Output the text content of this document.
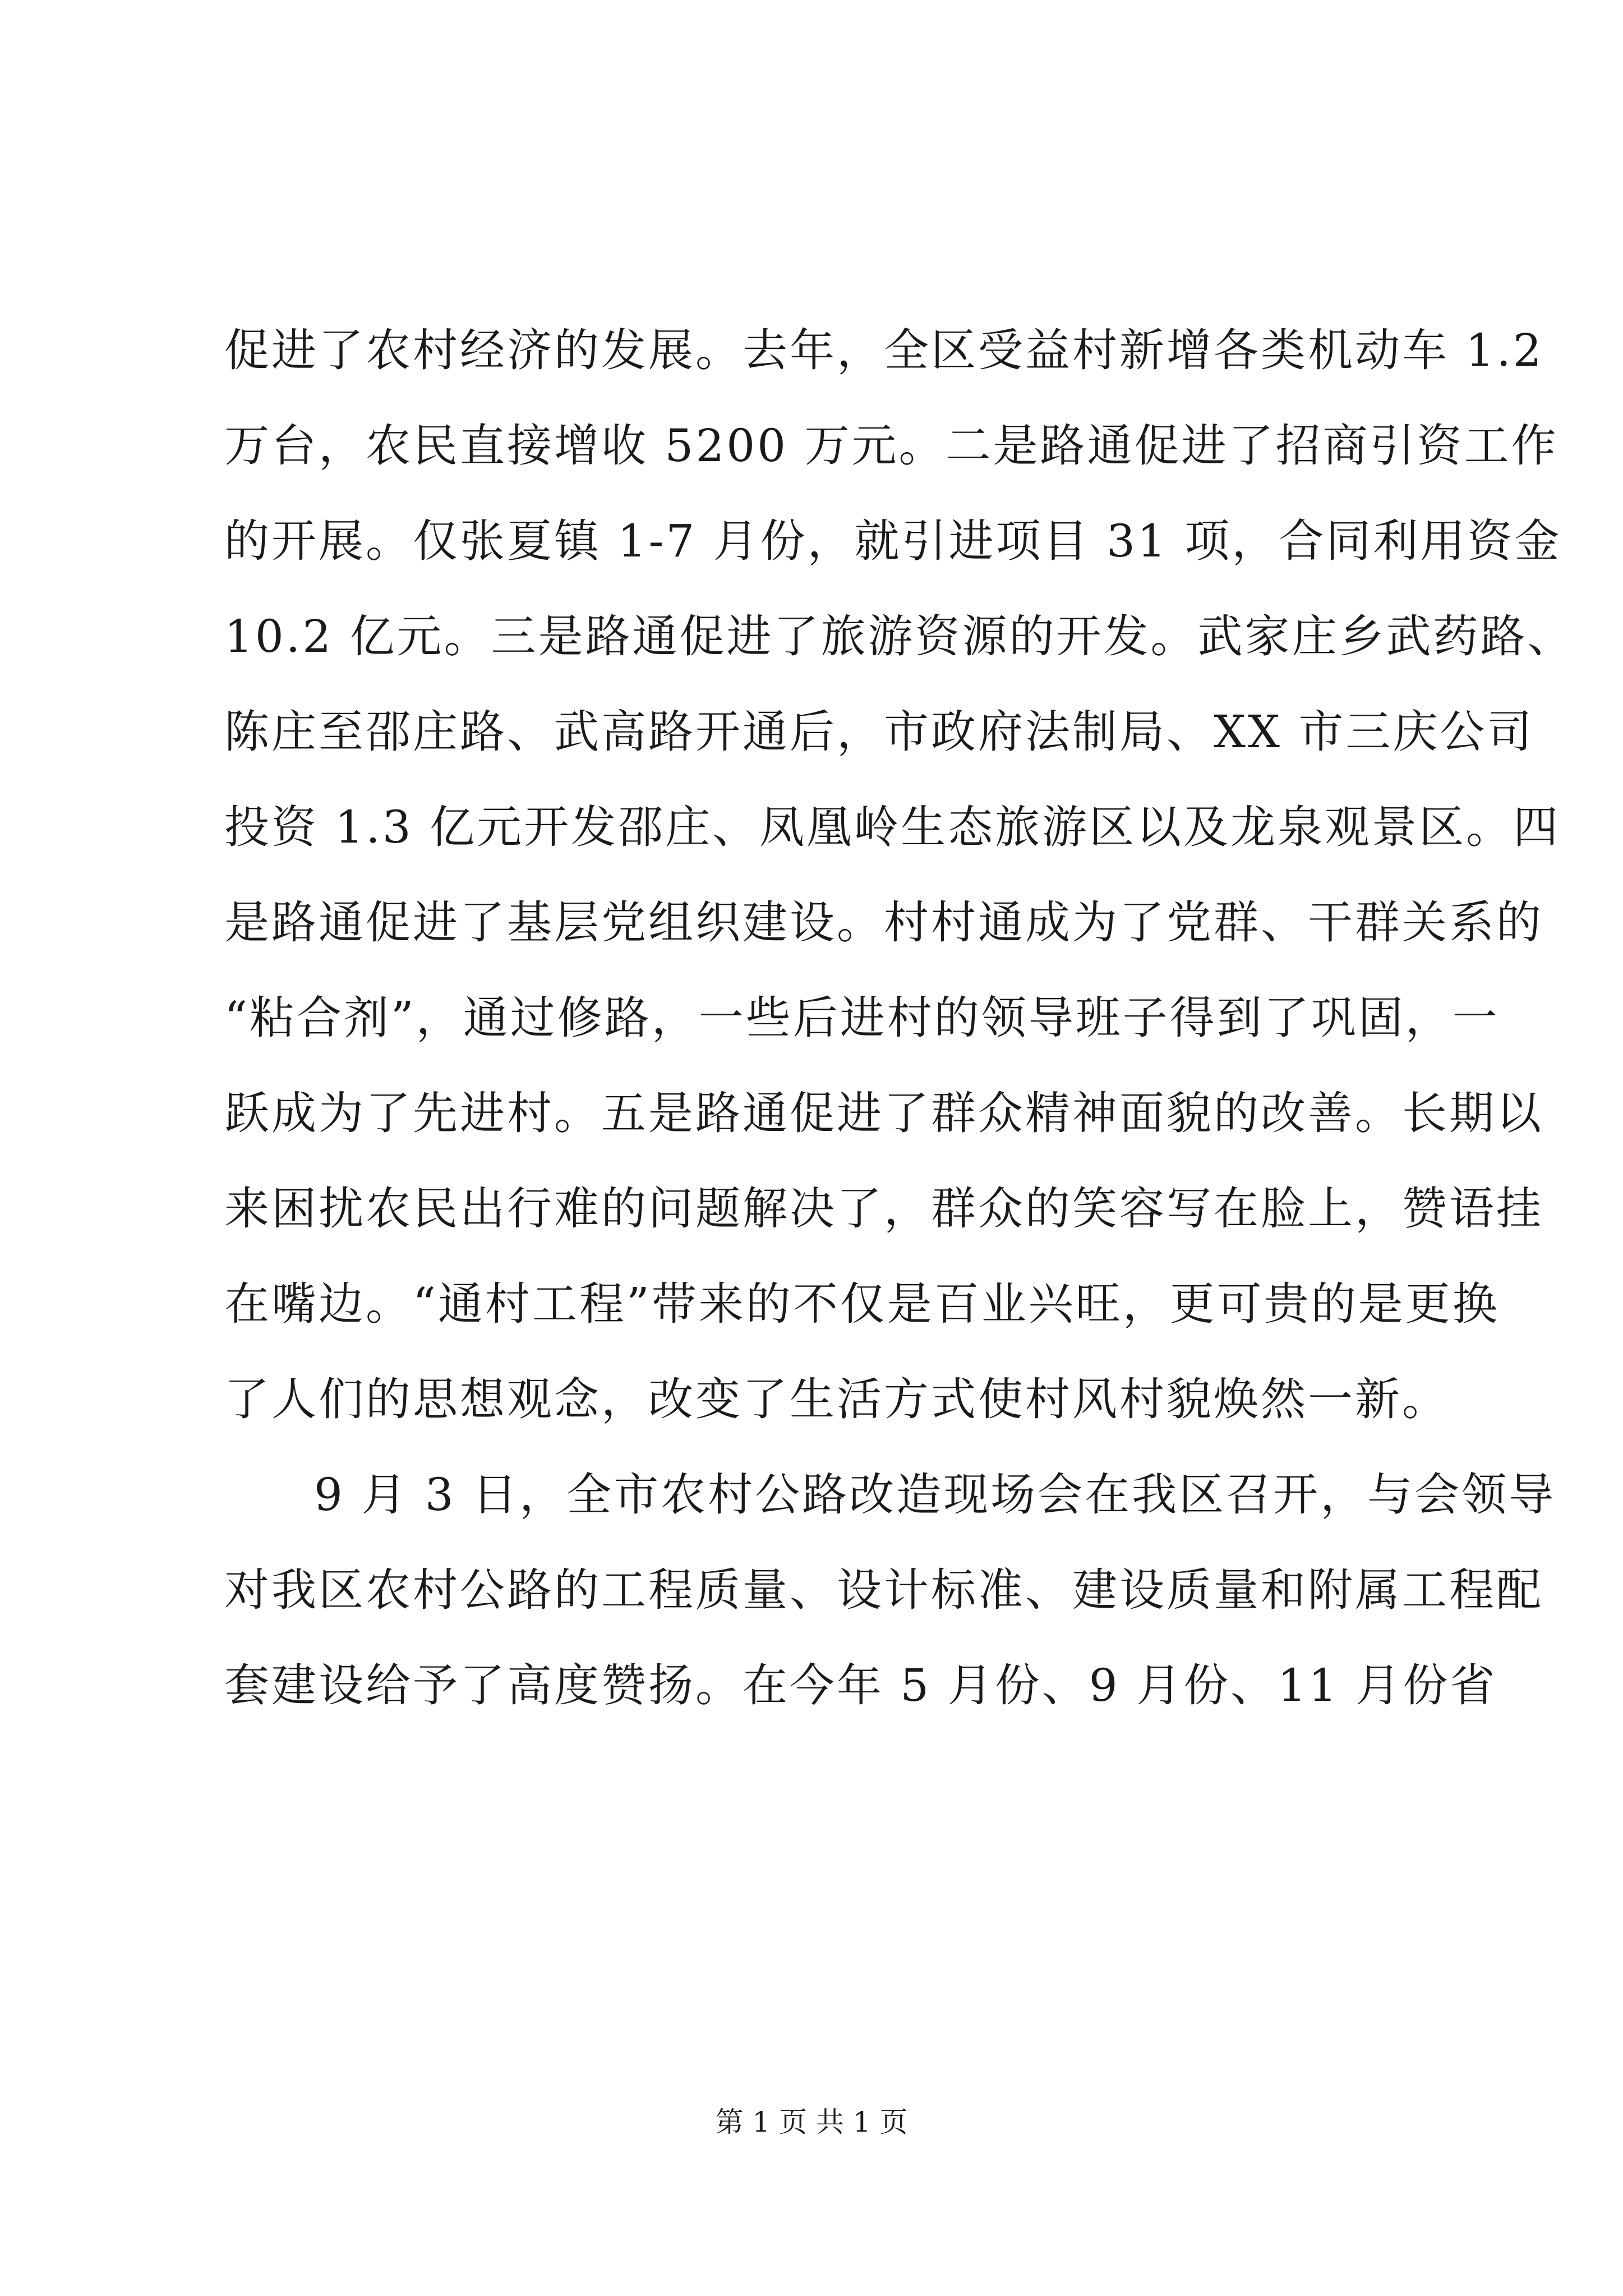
促进了农村经济的发展。去年，全区受益村新增各类机动车 1.2
万台，农民直接增收 5200 万元。二是路通促进了招商引资工作
的开展。仅张夏镇 1-7 月份，就引进项目 31 项，合同利用资金
10.2 亿元。三是路通促进了旅游资源的开发。武家庄乡武药路、
陈庄至邵庄路、武高路开通后，市政府法制局、XX 市三庆公司
投资 1.3 亿元开发邵庄、凤凰岭生态旅游区以及龙泉观景区。四
是路通促进了基层党组织建设。村村通成为了党群、干群关系的
“粘合剂”，通过修路，一些后进村的领导班子得到了巩固，一
跃成为了先进村。五是路通促进了群众精神面貌的改善。长期以
来困扰农民出行难的问题解决了，群众的笑容写在脸上，赞语挂
在嘴边。“通村工程”带来的不仅是百业兴旺，更可贵的是更换
了人们的思想观念，改变了生活方式使村风村貌焕然一新。
9 月 3 日，全市农村公路改造现场会在我区召开，与会领导
对我区农村公路的工程质量、设计标准、建设质量和附属工程配
套建设给予了高度赞扬。在今年 5 月份、9 月份、11 月份省
第 1 页 共 1 页
